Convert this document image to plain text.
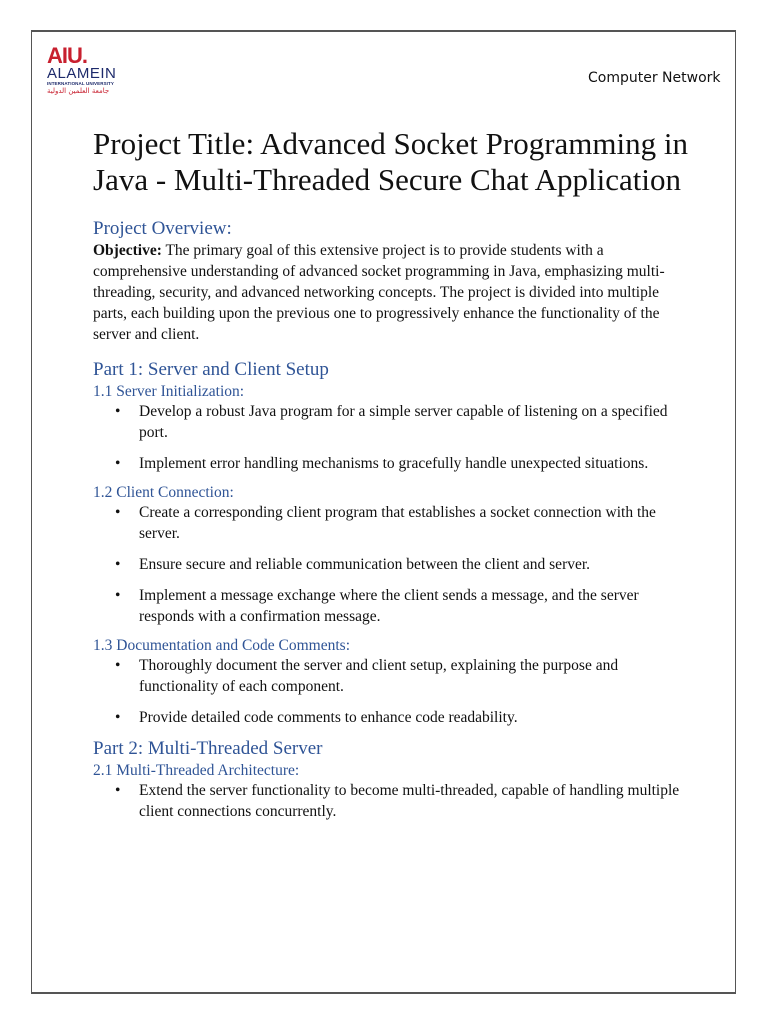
AIU.
ALAMEIN
INTERNATIONAL UNIVERSITY
جامعة العلمين الدولية
Computer Network
Project Title: Advanced Socket Programming in Java - Multi-Threaded Secure Chat Application
Project Overview:

Objective: The primary goal of this extensive project is to provide students with a comprehensive understanding of advanced socket programming in Java, emphasizing multi-threading, security, and advanced networking concepts. The project is divided into multiple parts, each building upon the previous one to progressively enhance the functionality of the server and client.

Part 1: Server and Client Setup
1.1 Server Initialization:
• Develop a robust Java program for a simple server capable of listening on a specified port.
• Implement error handling mechanisms to gracefully handle unexpected situations.
1.2 Client Connection:
• Create a corresponding client program that establishes a socket connection with the server.
• Ensure secure and reliable communication between the client and server.
• Implement a message exchange where the client sends a message, and the server responds with a confirmation message.
1.3 Documentation and Code Comments:
• Thoroughly document the server and client setup, explaining the purpose and functionality of each component.
• Provide detailed code comments to enhance code readability.
Part 2: Multi-Threaded Server
2.1 Multi-Threaded Architecture:
• Extend the server functionality to become multi-threaded, capable of handling multiple client connections concurrently.
